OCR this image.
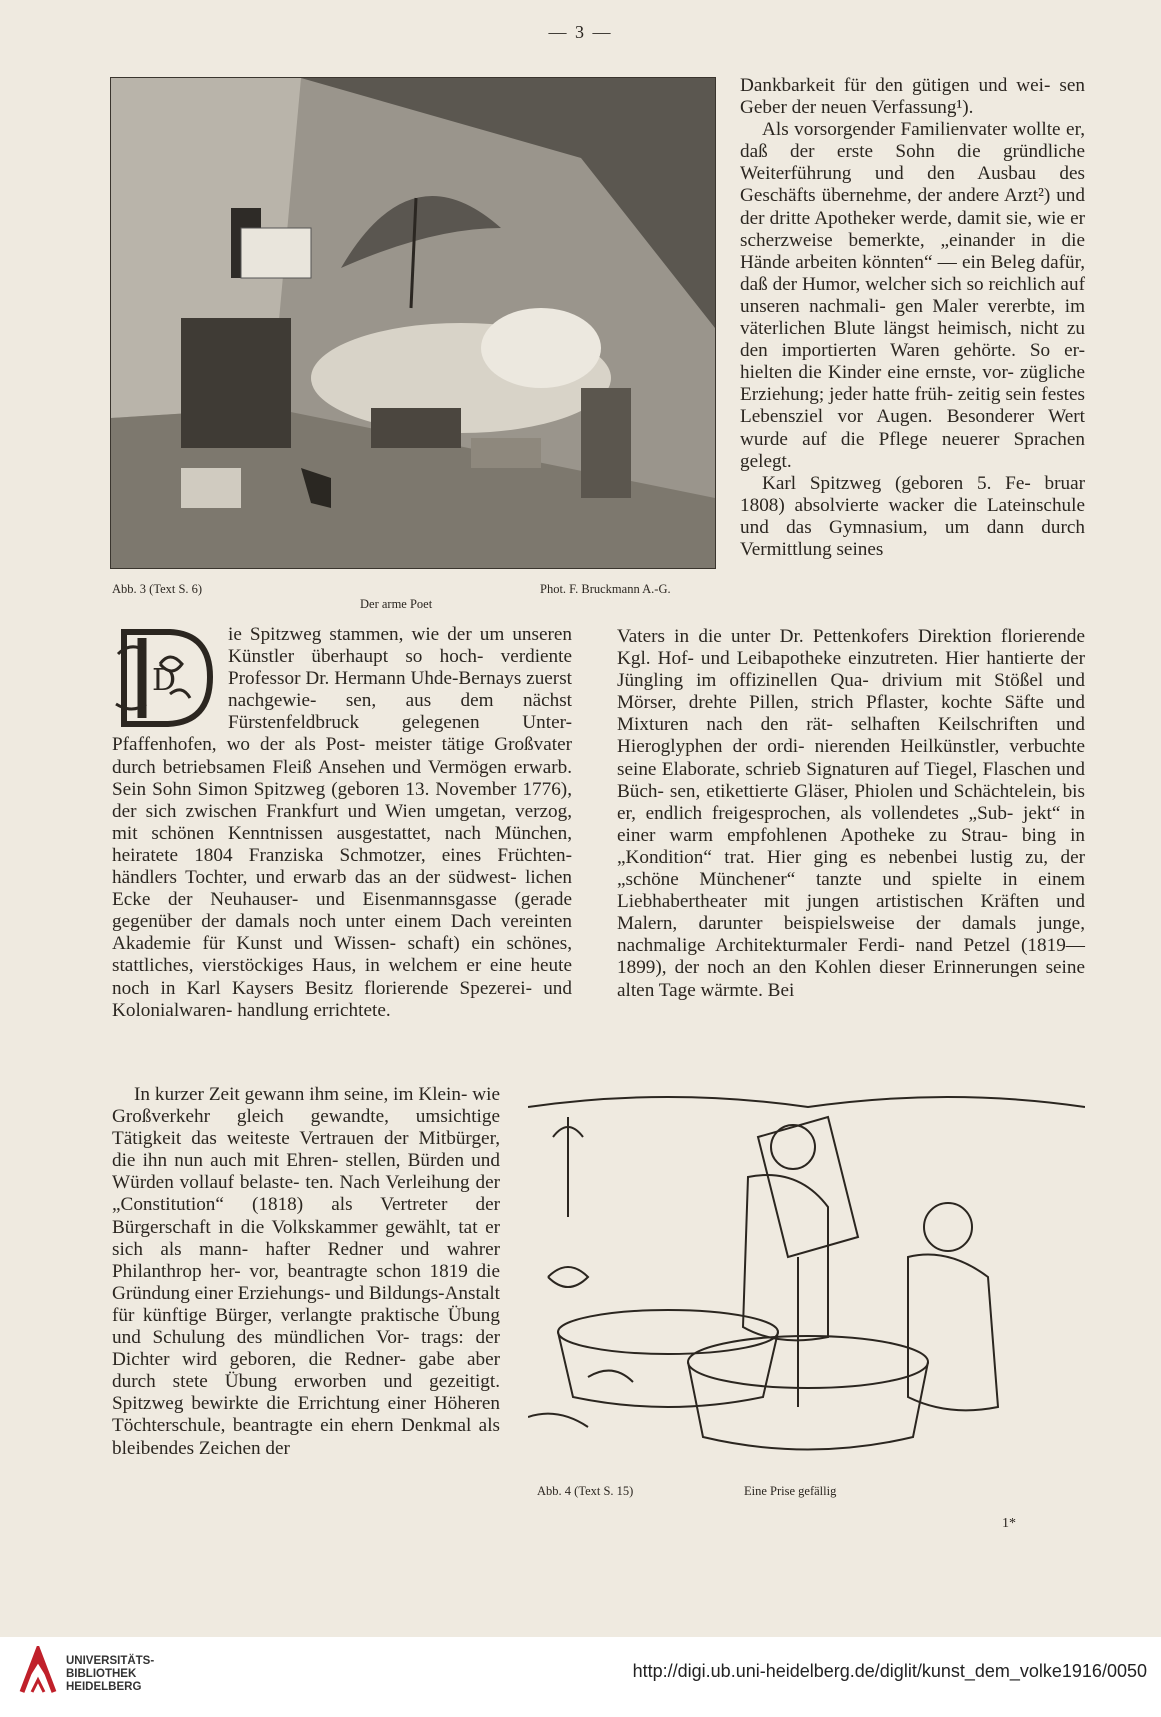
— 3 —
Abb. 3 (Text S. 6)	Phot. F. Bruckmann A.-G.
Der arme Poet

Dankbarkeit für den gütigen und wei- sen Geber der neuen Verfassung¹).

Als vorsorgender Familienvater wollte er, daß der erste Sohn die gründliche Weiterführung und den Ausbau des Geschäfts übernehme, der andere Arzt²) und der dritte Apotheker werde, damit sie, wie er scherzweise bemerkte, „einander in die Hände arbeiten könnten“ — ein Beleg dafür, daß der Humor, welcher sich so reichlich auf unseren nachmali- gen Maler vererbte, im väterlichen Blute längst heimisch, nicht zu den importierten Waren gehörte. So er- hielten die Kinder eine ernste, vor- zügliche Erziehung; jeder hatte früh- zeitig sein festes Lebensziel vor Augen. Besonderer Wert wurde auf die Pflege neuerer Sprachen gelegt.

Karl Spitzweg (geboren 5. Fe- bruar 1808) absolvierte wacker die Lateinschule und das Gymnasium, um dann durch Vermittlung seines

D

ie Spitzweg stammen, wie der um unseren Künstler überhaupt so hoch- verdiente Professor Dr. Hermann Uhde-Bernays zuerst nachgewie- sen, aus dem nächst Fürstenfeldbruck gelegenen Unter-Pfaffenhofen, wo der als Post- meister tätige Großvater durch betriebsamen Fleiß Ansehen und Vermögen erwarb. Sein Sohn Simon Spitzweg (geboren 13. November 1776), der sich zwischen Frankfurt und Wien umgetan, verzog, mit schönen Kenntnissen ausgestattet, nach München, heiratete 1804 Franziska Schmotzer, eines Früchten- händlers Tochter, und erwarb das an der südwest- lichen Ecke der Neuhauser- und Eisenmannsgasse (gerade gegenüber der damals noch unter einem Dach vereinten Akademie für Kunst und Wissen- schaft) ein schönes, stattliches, vierstöckiges Haus, in welchem er eine heute noch in Karl Kaysers Besitz florierende Spezerei- und Kolonialwaren- handlung errichtete.

Vaters in die unter Dr. Pettenkofers Direktion florierende Kgl. Hof- und Leibapotheke einzutreten. Hier hantierte der Jüngling im offizinellen Qua- drivium mit Stößel und Mörser, drehte Pillen, strich Pflaster, kochte Säfte und Mixturen nach den rät- selhaften Keilschriften und Hieroglyphen der ordi- nierenden Heilkünstler, verbuchte seine Elaborate, schrieb Signaturen auf Tiegel, Flaschen und Büch- sen, etikettierte Gläser, Phiolen und Schächtelein, bis er, endlich freigesprochen, als vollendetes „Sub- jekt“ in einer warm empfohlenen Apotheke zu Strau- bing in „Kondition“ trat. Hier ging es nebenbei lustig zu, der „schöne Münchener“ tanzte und spielte in einem Liebhabertheater mit jungen artistischen Kräften und Malern, darunter beispielsweise der damals junge, nachmalige Architekturmaler Ferdi- nand Petzel (1819—1899), der noch an den Kohlen dieser Erinnerungen seine alten Tage wärmte. Bei

In kurzer Zeit gewann ihm seine, im Klein- wie Großverkehr gleich gewandte, umsichtige Tätigkeit das weiteste Vertrauen der Mitbürger, die ihn nun auch mit Ehren- stellen, Bürden und Würden vollauf belaste- ten. Nach Verleihung der „Constitution“ (1818) als Vertreter der Bürgerschaft in die Volkskammer gewählt, tat er sich als mann- hafter Redner und wahrer Philanthrop her- vor, beantragte schon 1819 die Gründung einer Erziehungs- und Bildungs-Anstalt für künftige Bürger, verlangte praktische Übung und Schulung des mündlichen Vor- trags: der Dichter wird geboren, die Redner- gabe aber durch stete Übung erworben und gezeitigt. Spitzweg bewirkte die Errichtung einer Höheren Töchterschule, beantragte ein ehern Denkmal als bleibendes Zeichen der

Abb. 4 (Text S. 15)	Eine Prise gefällig
1*
UNIVERSITÄTS-
BIBLIOTHEK
HEIDELBERG
http://digi.ub.uni-heidelberg.de/diglit/kunst_dem_volke1916/0050
